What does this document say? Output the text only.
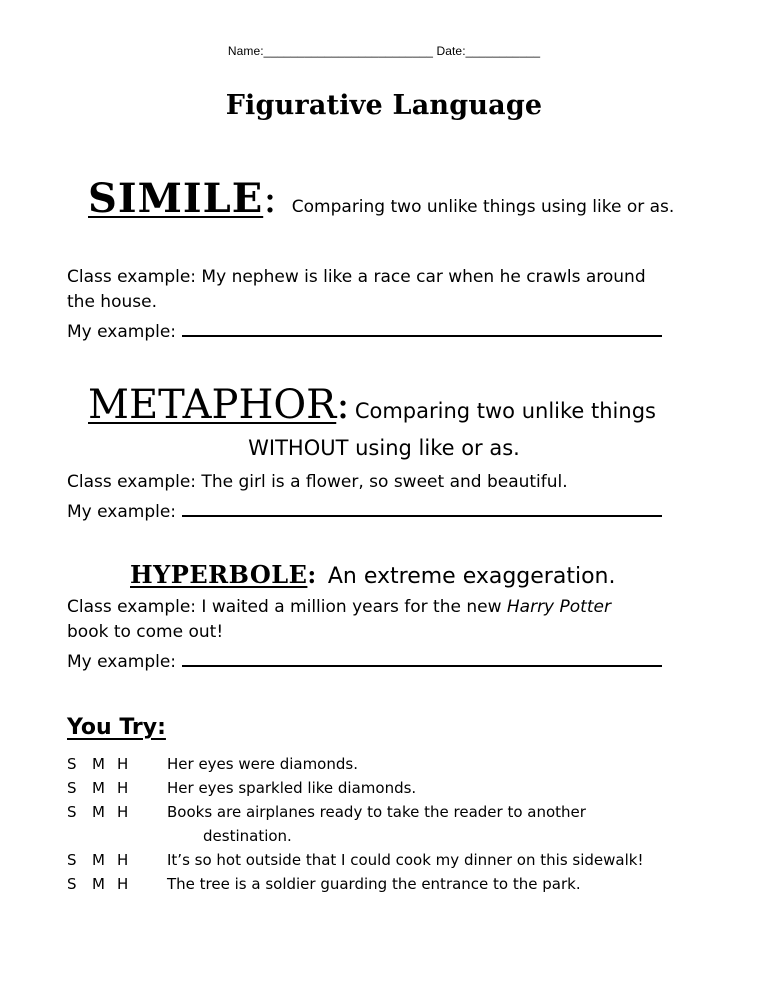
Name:_________________________ Date:___________
Figurative Language
SIMILE: Comparing two unlike things using like or as.
Class example: My nephew is like a race car when he crawls around
the house.
My example:
METAPHOR: Comparing two unlike things
WITHOUT using like or as.
Class example: The girl is a flower, so sweet and beautiful.
My example:
HYPERBOLE: An extreme exaggeration.
Class example: I waited a million years for the new Harry Potter
book to come out!
My example:
You Try:
S M H	Her eyes were diamonds.
S M H	Her eyes sparkled like diamonds.
S M H	Books are airplanes ready to take the reader to another
destination.
S M H	It’s so hot outside that I could cook my dinner on this sidewalk!
S M H	The tree is a soldier guarding the entrance to the park.
